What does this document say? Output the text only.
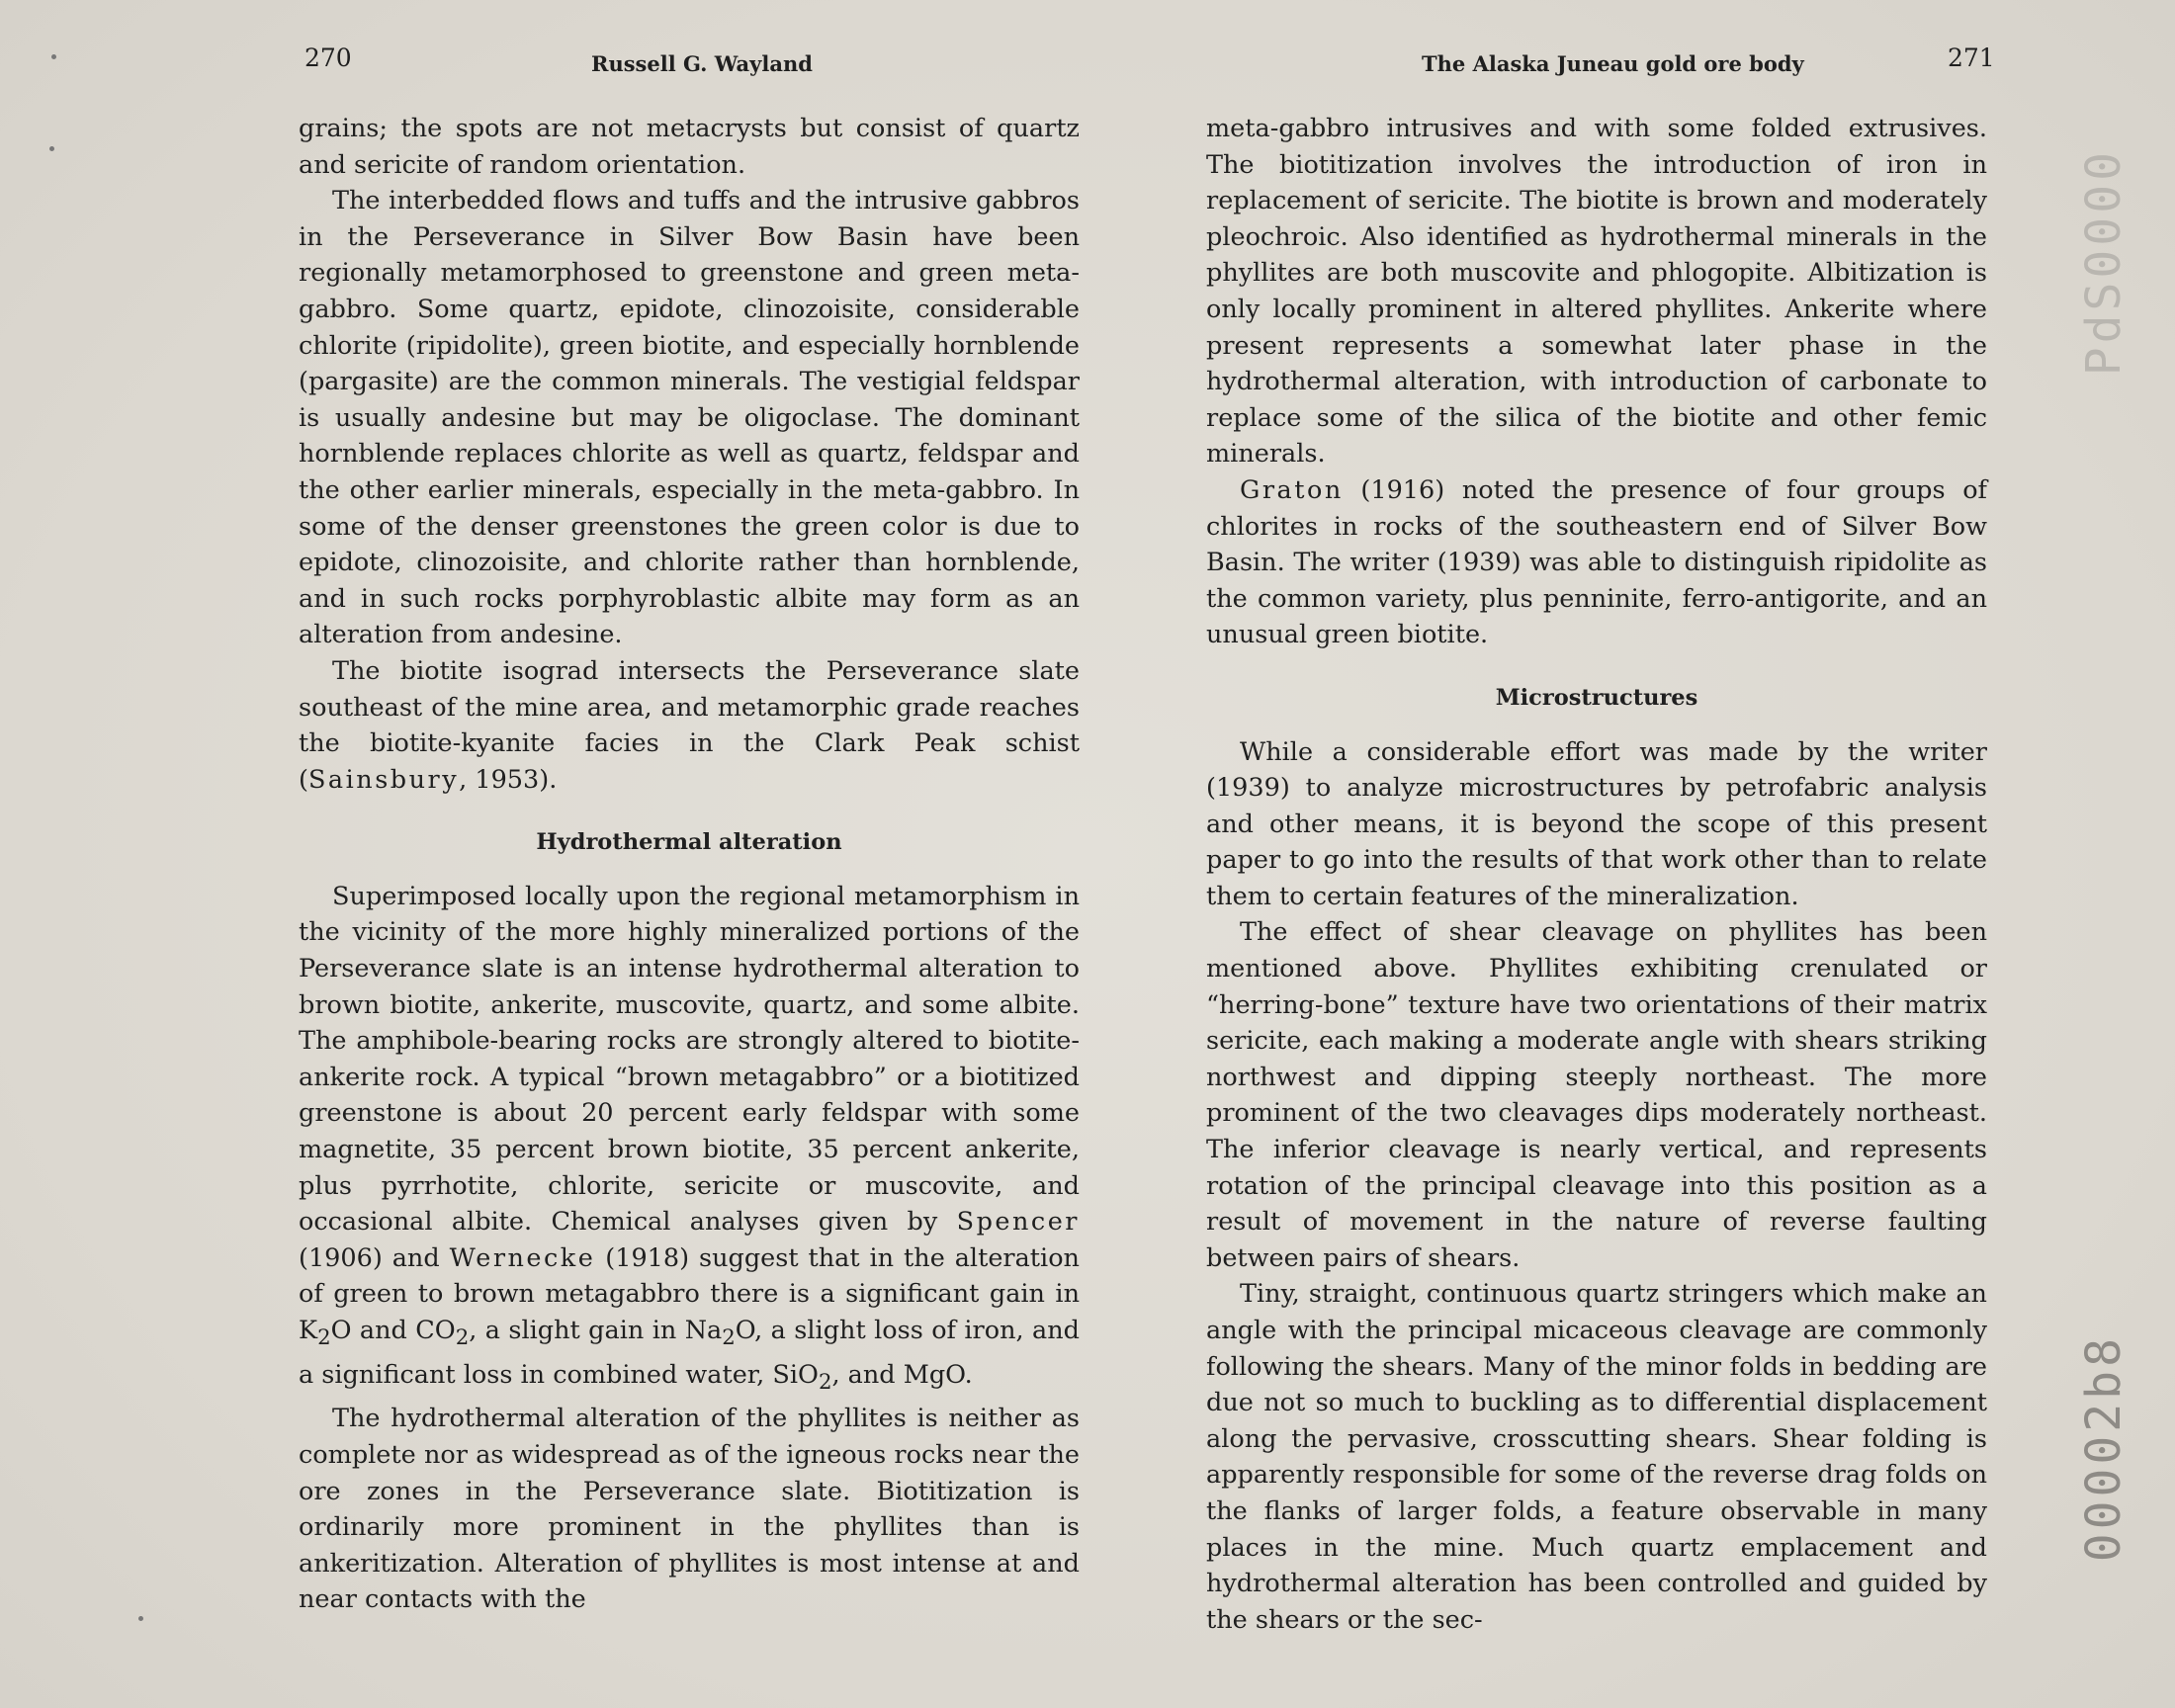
270	Russell G. Wayland	The Alaska Juneau gold ore body	271

grains; the spots are not metacrysts but consist of quartz and sericite of random orientation.

The interbedded flows and tuffs and the intrusive gabbros in the Perseverance in Silver Bow Basin have been regionally metamorphosed to greenstone and green meta-gabbro. Some quartz, epidote, clinozoisite, considerable chlorite (ripidolite), green biotite, and especially hornblende (pargasite) are the common minerals. The vestigial feldspar is usually andesine but may be oligoclase. The dominant hornblende replaces chlorite as well as quartz, feldspar and the other earlier minerals, especially in the meta-gabbro. In some of the denser greenstones the green color is due to epidote, clinozoisite, and chlorite rather than hornblende, and in such rocks porphyroblastic albite may form as an alteration from andesine.

The biotite isograd intersects the Perseverance slate southeast of the mine area, and metamorphic grade reaches the biotite-kyanite facies in the Clark Peak schist (Sainsbury, 1953).

Hydrothermal alteration

Superimposed locally upon the regional metamorphism in the vicinity of the more highly mineralized portions of the Perseverance slate is an intense hydrothermal alteration to brown biotite, ankerite, muscovite, quartz, and some albite. The amphibole-bearing rocks are strongly altered to biotite-ankerite rock. A typical “brown metagabbro” or a biotitized greenstone is about 20 percent early feldspar with some magnetite, 35 percent brown biotite, 35 percent ankerite, plus pyrrhotite, chlorite, sericite or muscovite, and occasional albite. Chemical analyses given by Spencer (1906) and Wernecke (1918) suggest that in the alteration of green to brown metagabbro there is a significant gain in $K_2O$ and $CO_2$, a slight gain in $Na_2O$, a slight loss of iron, and a significant loss in combined water, SiO$_2$, and MgO.

The hydrothermal alteration of the phyllites is neither as complete nor as widespread as of the igneous rocks near the ore zones in the Perseverance slate. Biotitization is ordinarily more prominent in the phyllites than is ankeritization. Alteration of phyllites is most intense at and near contacts with the

meta-gabbro intrusives and with some folded extrusives. The biotitization involves the introduction of iron in replacement of sericite. The biotite is brown and moderately pleochroic. Also identified as hydrothermal minerals in the phyllites are both muscovite and phlogopite. Albitization is only locally prominent in altered phyllites. Ankerite where present represents a somewhat later phase in the hydrothermal alteration, with introduction of carbonate to replace some of the silica of the biotite and other femic minerals.

Graton (1916) noted the presence of four groups of chlorites in rocks of the southeastern end of Silver Bow Basin. The writer (1939) was able to distinguish ripidolite as the common variety, plus penninite, ferro-antigorite, and an unusual green biotite.

Microstructures

While a considerable effort was made by the writer (1939) to analyze microstructures by petrofabric analysis and other means, it is beyond the scope of this present paper to go into the results of that work other than to relate them to certain features of the mineralization.

The effect of shear cleavage on phyllites has been mentioned above. Phyllites exhibiting crenulated or “herring-bone” texture have two orientations of their matrix sericite, each making a moderate angle with shears striking northwest and dipping steeply northeast. The more prominent of the two cleavages dips moderately northeast. The inferior cleavage is nearly vertical, and represents rotation of the principal cleavage into this position as a result of movement in the nature of reverse faulting between pairs of shears.

Tiny, straight, continuous quartz stringers which make an angle with the principal micaceous cleavage are commonly following the shears. Many of the minor folds in bedding are due not so much to buckling as to differential displacement along the pervasive, crosscutting shears. Shear folding is apparently responsible for some of the reverse drag folds on the flanks of larger folds, a feature observable in many places in the mine. Much quartz emplacement and hydrothermal alteration has been controlled and guided by the shears or the sec-

PdS0000
00002b8
